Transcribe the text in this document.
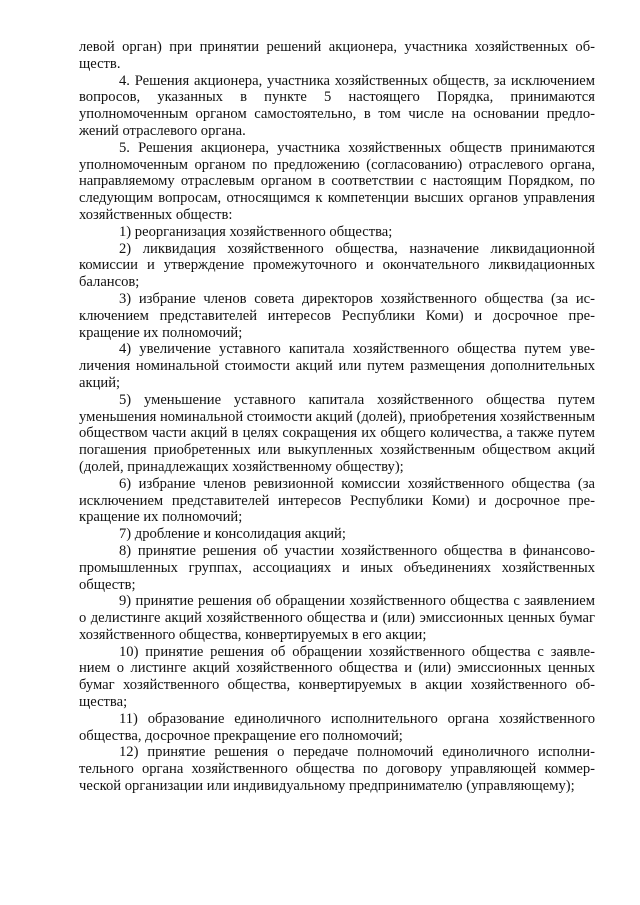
левой орган) при принятии решений акционера, участника хозяйственных обществ.

4. Решения акционера, участника хозяйственных обществ, за исключением вопросов, указанных в пункте 5 настоящего Порядка, принимаются уполномоченным органом самостоятельно, в том числе на основании предложений отраслевого органа.

5. Решения акционера, участника хозяйственных обществ принимаются уполномоченным органом по предложению (согласованию) отраслевого органа, направляемому отраслевым органом в соответствии с настоящим Порядком, по следующим вопросам, относящимся к компетенции высших органов управления хозяйственных обществ:

1) реорганизация хозяйственного общества;

2) ликвидация хозяйственного общества, назначение ликвидационной комиссии и утверждение промежуточного и окончательного ликвидационных балансов;

3) избрание членов совета директоров хозяйственного общества (за исключением представителей интересов Республики Коми) и досрочное прекращение их полномочий;

4) увеличение уставного капитала хозяйственного общества путем увеличения номинальной стоимости акций или путем размещения дополнительных акций;

5) уменьшение уставного капитала хозяйственного общества путем уменьшения номинальной стоимости акций (долей), приобретения хозяйственным обществом части акций в целях сокращения их общего количества, а также путем погашения приобретенных или выкупленных хозяйственным обществом акций (долей, принадлежащих хозяйственному обществу);

6) избрание членов ревизионной комиссии хозяйственного общества (за исключением представителей интересов Республики Коми) и досрочное прекращение их полномочий;

7) дробление и консолидация акций;

8) принятие решения об участии хозяйственного общества в финансово-промышленных группах, ассоциациях и иных объединениях хозяйственных обществ;

9) принятие решения об обращении хозяйственного общества с заявлением о делистинге акций хозяйственного общества и (или) эмиссионных ценных бумаг хозяйственного общества, конвертируемых в его акции;

10) принятие решения об обращении хозяйственного общества с заявлением о листинге акций хозяйственного общества и (или) эмиссионных ценных бумаг хозяйственного общества, конвертируемых в акции хозяйственного общества;

11) образование единоличного исполнительного органа хозяйственного общества, досрочное прекращение его полномочий;

12) принятие решения о передаче полномочий единоличного исполнительного органа хозяйственного общества по договору управляющей коммерческой организации или индивидуальному предпринимателю (управляющему);
